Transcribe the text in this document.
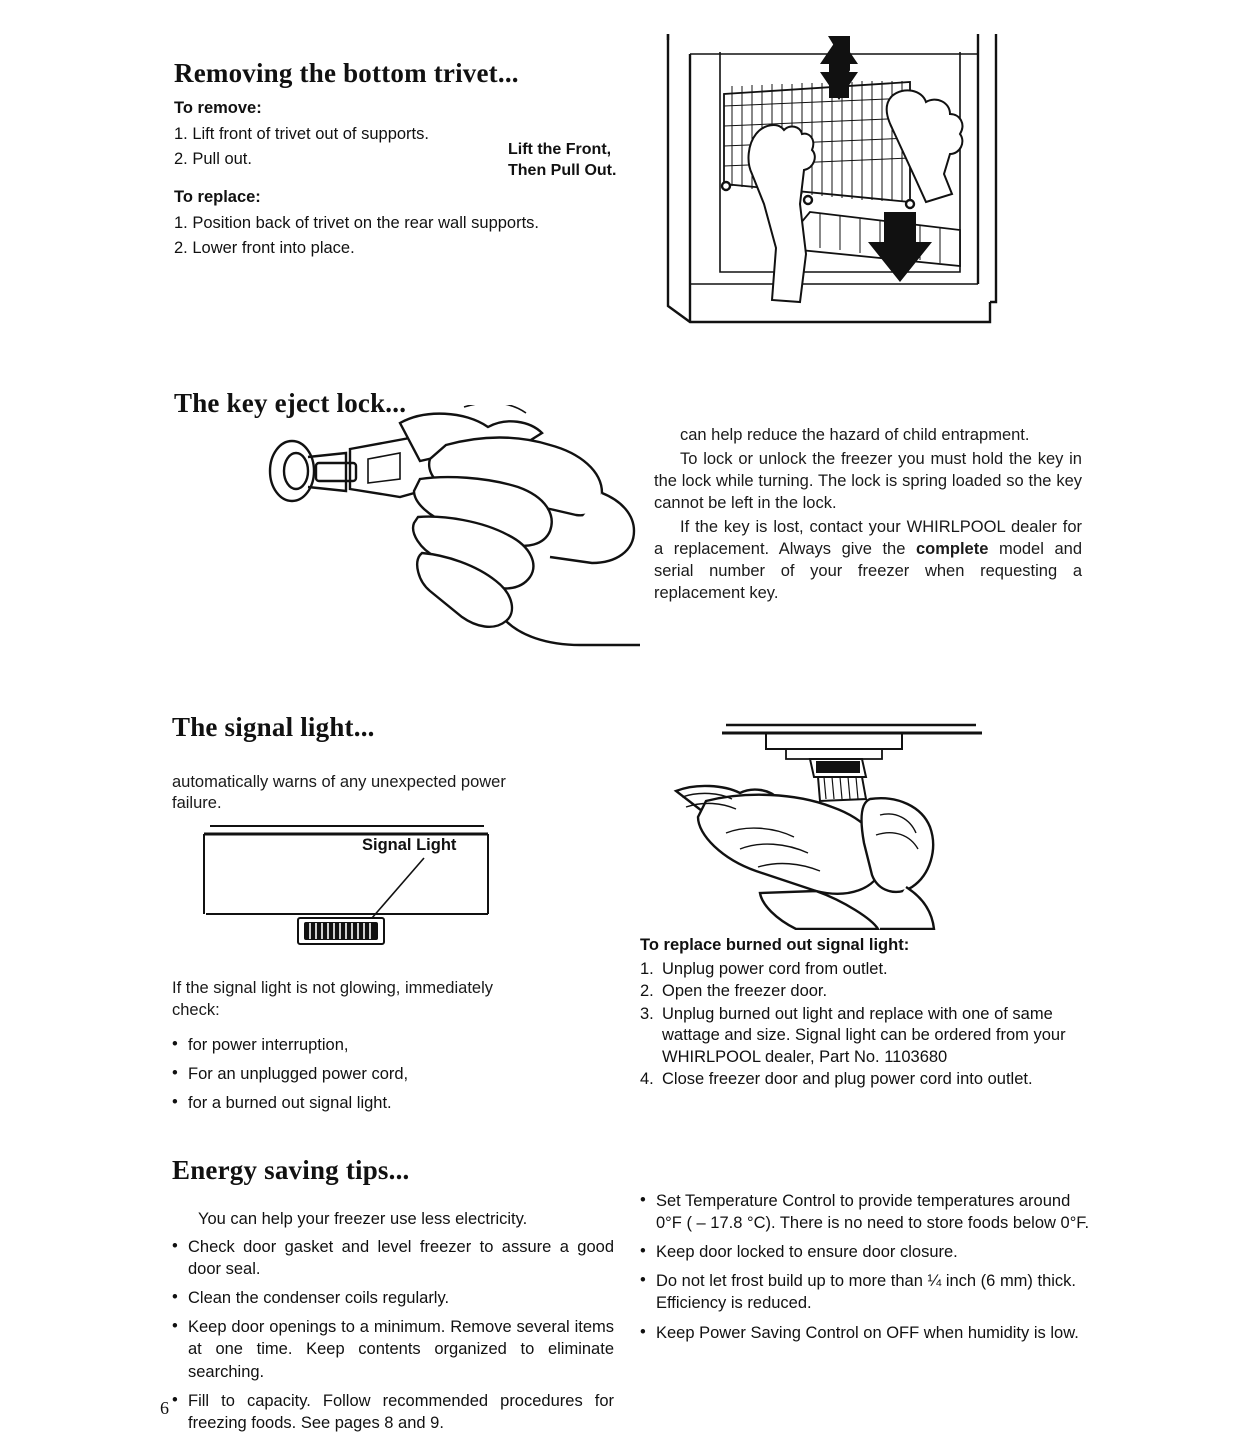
Removing the bottom trivet...

To remove:

1. Lift front of trivet out of supports.
2. Pull out.

To replace:

1. Position back of trivet on the rear wall supports.
2. Lower front into place.
Lift the Front,
Then Pull Out.
The key eject lock...

can help reduce the hazard of child entrapment.

To lock or unlock the freezer you must hold the key in the lock while turning. The lock is spring loaded so the key cannot be left in the lock.

If the key is lost, contact your WHIRLPOOL dealer for a replacement. Always give the complete model and serial number of your freezer when requesting a replacement key.

The signal light...

automatically warns of any unexpected power failure.

Signal Light

If the signal light is not glowing, immediately check:

• for power interruption,
• For an unplugged power cord,
• for a burned out signal light.

To replace burned out signal light:

1. Unplug power cord from outlet.
2. Open the freezer door.
3. Unplug burned out light and replace with one of same wattage and size. Signal light can be ordered from your WHIRLPOOL dealer, Part No. 1103680
4. Close freezer door and plug power cord into outlet.
Energy saving tips...

You can help your freezer use less electricity.

• Check door gasket and level freezer to assure a good door seal.
• Clean the condenser coils regularly.
• Keep door openings to a minimum. Remove several items at one time. Keep contents organized to eliminate searching.
• Fill to capacity. Follow recommended procedures for freezing foods. See pages 8 and 9.
• Set Temperature Control to provide temperatures around 0°F ( – 17.8 °C). There is no need to store foods below 0°F.
• Keep door locked to ensure door closure.
• Do not let frost build up to more than ¼ inch (6 mm) thick. Efficiency is reduced.
• Keep Power Saving Control on OFF when humidity is low.
6
